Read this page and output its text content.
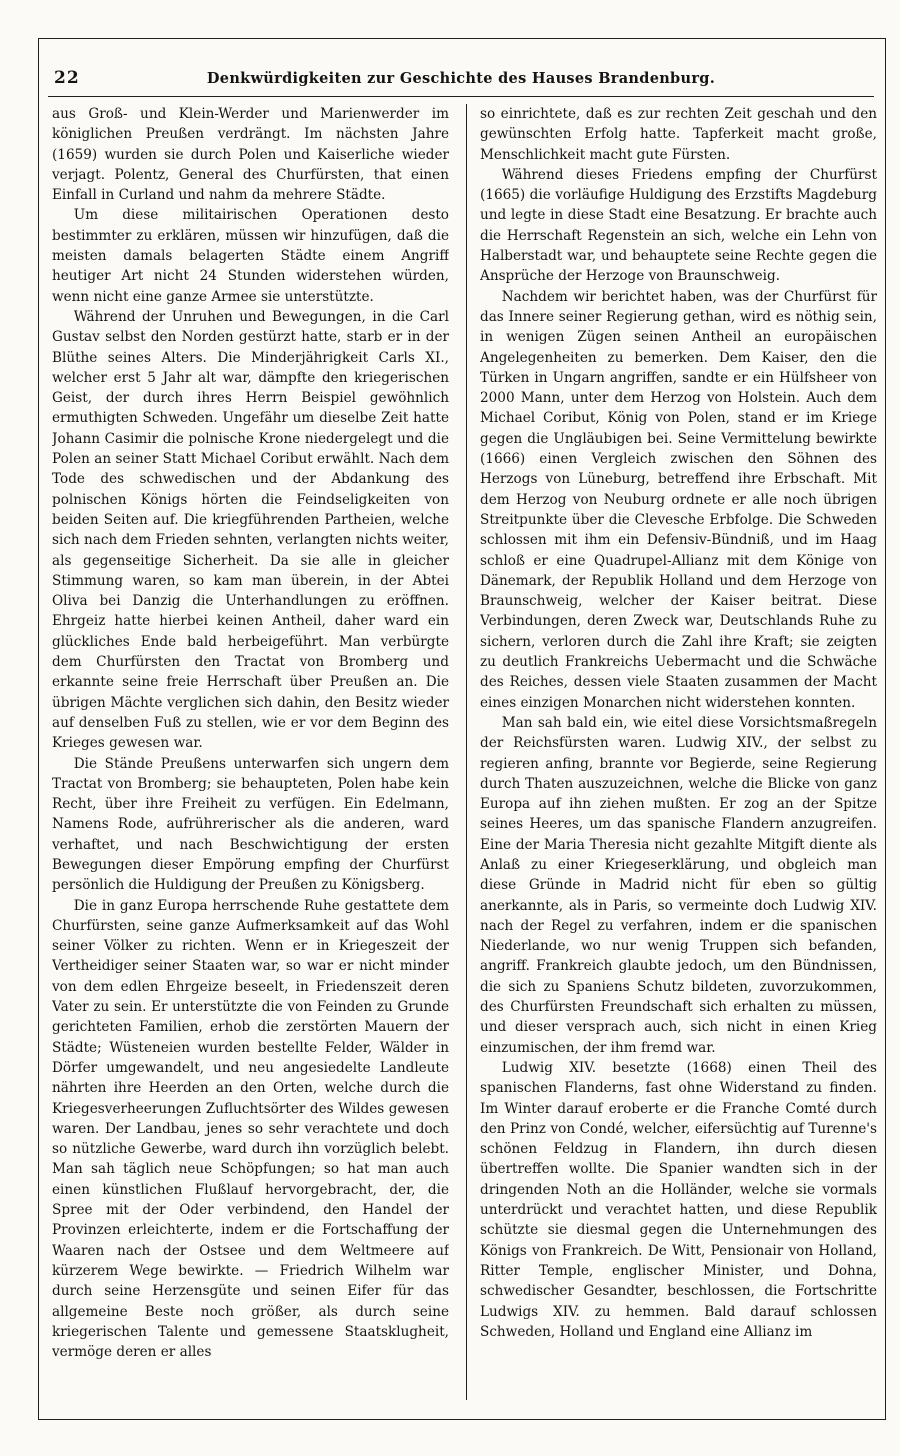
22	Denkwürdigkeiten zur Geschichte des Hauses Brandenburg.

aus Groß- und Klein-Werder und Marienwerder im königlichen Preußen verdrängt. Im nächsten Jahre (1659) wurden sie durch Polen und Kaiserliche wieder verjagt. Polentz, General des Churfürsten, that einen Einfall in Curland und nahm da mehrere Städte.

Um diese militairischen Operationen desto bestimmter zu erklären, müssen wir hinzufügen, daß die meisten damals belagerten Städte einem Angriff heutiger Art nicht 24 Stunden widerstehen würden, wenn nicht eine ganze Armee sie unterstützte.

Während der Unruhen und Bewegungen, in die Carl Gustav selbst den Norden gestürzt hatte, starb er in der Blüthe seines Alters. Die Minderjährigkeit Carls XI., welcher erst 5 Jahr alt war, dämpfte den kriegerischen Geist, der durch ihres Herrn Beispiel gewöhnlich ermuthigten Schweden. Ungefähr um dieselbe Zeit hatte Johann Casimir die polnische Krone niedergelegt und die Polen an seiner Statt Michael Coribut erwählt. Nach dem Tode des schwedischen und der Abdankung des polnischen Königs hörten die Feindseligkeiten von beiden Seiten auf. Die kriegführenden Partheien, welche sich nach dem Frieden sehnten, verlangten nichts weiter, als gegenseitige Sicherheit. Da sie alle in gleicher Stimmung waren, so kam man überein, in der Abtei Oliva bei Danzig die Unterhandlungen zu eröffnen. Ehrgeiz hatte hierbei keinen Antheil, daher ward ein glückliches Ende bald herbeigeführt. Man verbürgte dem Churfürsten den Tractat von Bromberg und erkannte seine freie Herrschaft über Preußen an. Die übrigen Mächte verglichen sich dahin, den Besitz wieder auf denselben Fuß zu stellen, wie er vor dem Beginn des Krieges gewesen war.

Die Stände Preußens unterwarfen sich ungern dem Tractat von Bromberg; sie behaupteten, Polen habe kein Recht, über ihre Freiheit zu verfügen. Ein Edelmann, Namens Rode, aufrührerischer als die anderen, ward verhaftet, und nach Beschwichtigung der ersten Bewegungen dieser Empörung empfing der Churfürst persönlich die Huldigung der Preußen zu Königsberg.

Die in ganz Europa herrschende Ruhe gestattete dem Churfürsten, seine ganze Aufmerksamkeit auf das Wohl seiner Völker zu richten. Wenn er in Kriegeszeit der Vertheidiger seiner Staaten war, so war er nicht minder von dem edlen Ehrgeize beseelt, in Friedenszeit deren Vater zu sein. Er unterstützte die von Feinden zu Grunde gerichteten Familien, erhob die zerstörten Mauern der Städte; Wüsteneien wurden bestellte Felder, Wälder in Dörfer umgewandelt, und neu angesiedelte Landleute nährten ihre Heerden an den Orten, welche durch die Kriegesverheerungen Zufluchtsörter des Wildes gewesen waren. Der Landbau, jenes so sehr verachtete und doch so nützliche Gewerbe, ward durch ihn vorzüglich belebt. Man sah täglich neue Schöpfungen; so hat man auch einen künstlichen Flußlauf hervorgebracht, der, die Spree mit der Oder verbindend, den Handel der Provinzen erleichterte, indem er die Fortschaffung der Waaren nach der Ostsee und dem Weltmeere auf kürzerem Wege bewirkte. — Friedrich Wilhelm war durch seine Herzensgüte und seinen Eifer für das allgemeine Beste noch größer, als durch seine kriegerischen Talente und gemessene Staatsklugheit, vermöge deren er alles

so einrichtete, daß es zur rechten Zeit geschah und den gewünschten Erfolg hatte. Tapferkeit macht große, Menschlichkeit macht gute Fürsten.

Während dieses Friedens empfing der Churfürst (1665) die vorläufige Huldigung des Erzstifts Magdeburg und legte in diese Stadt eine Besatzung. Er brachte auch die Herrschaft Regenstein an sich, welche ein Lehn von Halberstadt war, und behauptete seine Rechte gegen die Ansprüche der Herzoge von Braunschweig.

Nachdem wir berichtet haben, was der Churfürst für das Innere seiner Regierung gethan, wird es nöthig sein, in wenigen Zügen seinen Antheil an europäischen Angelegenheiten zu bemerken. Dem Kaiser, den die Türken in Ungarn angriffen, sandte er ein Hülfsheer von 2000 Mann, unter dem Herzog von Holstein. Auch dem Michael Coribut, König von Polen, stand er im Kriege gegen die Ungläubigen bei. Seine Vermittelung bewirkte (1666) einen Vergleich zwischen den Söhnen des Herzogs von Lüneburg, betreffend ihre Erbschaft. Mit dem Herzog von Neuburg ordnete er alle noch übrigen Streitpunkte über die Clevesche Erbfolge. Die Schweden schlossen mit ihm ein Defensiv-Bündniß, und im Haag schloß er eine Quadrupel-Allianz mit dem Könige von Dänemark, der Republik Holland und dem Herzoge von Braunschweig, welcher der Kaiser beitrat. Diese Verbindungen, deren Zweck war, Deutschlands Ruhe zu sichern, verloren durch die Zahl ihre Kraft; sie zeigten zu deutlich Frankreichs Uebermacht und die Schwäche des Reiches, dessen viele Staaten zusammen der Macht eines einzigen Monarchen nicht widerstehen konnten.

Man sah bald ein, wie eitel diese Vorsichtsmaßregeln der Reichsfürsten waren. Ludwig XIV., der selbst zu regieren anfing, brannte vor Begierde, seine Regierung durch Thaten auszuzeichnen, welche die Blicke von ganz Europa auf ihn ziehen mußten. Er zog an der Spitze seines Heeres, um das spanische Flandern anzugreifen. Eine der Maria Theresia nicht gezahlte Mitgift diente als Anlaß zu einer Kriegeserklärung, und obgleich man diese Gründe in Madrid nicht für eben so gültig anerkannte, als in Paris, so vermeinte doch Ludwig XIV. nach der Regel zu verfahren, indem er die spanischen Niederlande, wo nur wenig Truppen sich befanden, angriff. Frankreich glaubte jedoch, um den Bündnissen, die sich zu Spaniens Schutz bildeten, zuvorzukommen, des Churfürsten Freundschaft sich erhalten zu müssen, und dieser versprach auch, sich nicht in einen Krieg einzumischen, der ihm fremd war.

Ludwig XIV. besetzte (1668) einen Theil des spanischen Flanderns, fast ohne Widerstand zu finden. Im Winter darauf eroberte er die Franche Comté durch den Prinz von Condé, welcher, eifersüchtig auf Turenne's schönen Feldzug in Flandern, ihn durch diesen übertreffen wollte. Die Spanier wandten sich in der dringenden Noth an die Holländer, welche sie vormals unterdrückt und verachtet hatten, und diese Republik schützte sie diesmal gegen die Unternehmungen des Königs von Frankreich. De Witt, Pensionair von Holland, Ritter Temple, englischer Minister, und Dohna, schwedischer Gesandter, beschlossen, die Fortschritte Ludwigs XIV. zu hemmen. Bald darauf schlossen Schweden, Holland und England eine Allianz im
